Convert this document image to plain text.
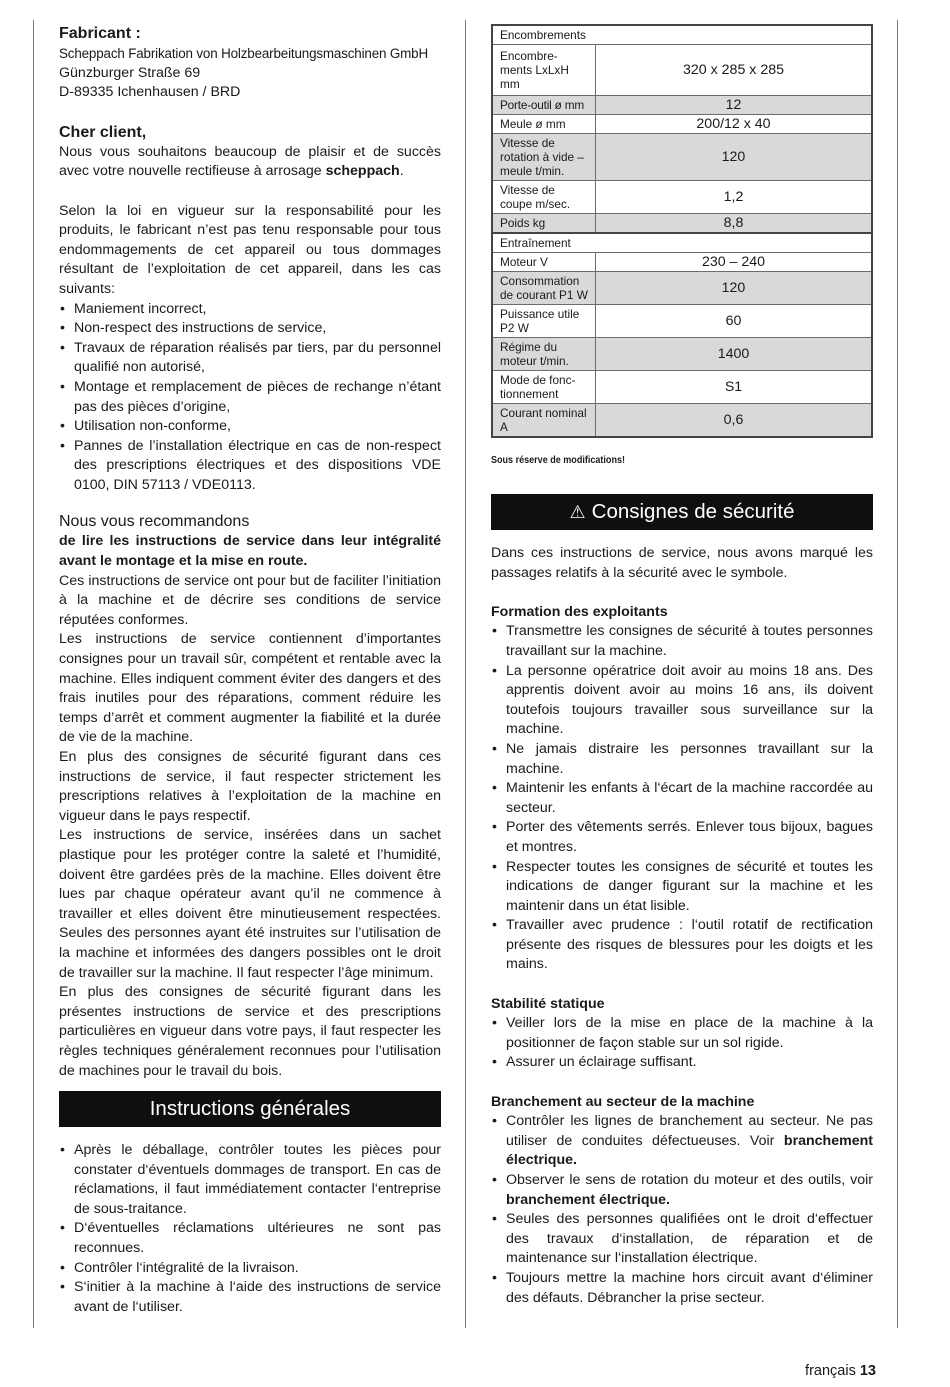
Fabricant :

Scheppach Fabrikation von Holzbearbeitungsmaschinen GmbH

Günzburger Straße 69

D-89335 Ichenhausen / BRD

Cher client,

Nous vous souhaitons beaucoup de plaisir et de succès avec votre nouvelle rectifieuse à arrosage scheppach.

Selon la loi en vigueur sur la responsabilité pour les produits, le fabricant n’est pas tenu responsable pour tous endommagements de cet appareil ou tous dommages résultant de l’exploitation de cet appareil, dans les cas suivants:

• Maniement incorrect,
• Non-respect des instructions de service,
• Travaux de réparation réalisés par tiers, par du personnel qualifié non autorisé,
• Montage et remplacement de pièces de rechange n’étant pas des pièces d’origine,
• Utilisation non-conforme,
• Pannes de l’installation électrique en cas de non-respect des prescriptions électriques et des dispositions VDE 0100, DIN 57113 / VDE0113.
Nous vous recommandons

de lire les instructions de service dans leur intégralité avant le montage et la mise en route.

Ces instructions de service ont pour but de faciliter l’initiation à la machine et de décrire ses conditions de service réputées conformes.

Les instructions de service contiennent d’importantes consignes pour un travail sûr, compétent et rentable avec la machine. Elles indiquent comment éviter des dangers et des frais inutiles pour des réparations, comment réduire les temps d’arrêt et comment augmenter la fiabilité et la durée de vie de la machine.

En plus des consignes de sécurité figurant dans ces instructions de service, il faut respecter strictement les prescriptions relatives à l’exploitation de la machine en vigueur dans le pays respectif.

Les instructions de service, insérées dans un sachet plastique pour les protéger contre la saleté et l’humidité, doivent être gardées près de la machine. Elles doivent être lues par chaque opérateur avant qu’il ne commence à travailler et elles doivent être minutieusement respectées. Seules des personnes ayant été instruites sur l’utilisation de la machine et informées des dangers possibles ont le droit de travailler sur la machine. Il faut respecter l’âge minimum.

En plus des consignes de sécurité figurant dans les présentes instructions de service et des prescriptions particulières en vigueur dans votre pays, il faut respecter les règles techniques généralement reconnues pour l’utilisation de machines pour le travail du bois.

Instructions générales
• Après le déballage, contrôler toutes les pièces pour constater d‘éventuels dommages de transport. En cas de réclamations, il faut immédiatement contacter l‘entreprise de sous-traitance.
• D‘éventuelles réclamations ultérieures ne sont pas reconnues.
• Contrôler l‘intégralité de la livraison.
• S‘initier à la machine à l‘aide des instructions de service avant de l‘utiliser.
Encombrements	
Encombre-ments LxLxH mm	320 x 285 x 285
Porte-outil ø mm	12
Meule ø mm	200/12 x 40
Vitesse de rotation à vide – meule t/min.	120
Vitesse de coupe m/sec.	1,2
Poids kg	8,8
Entraînement	
Moteur V	230 – 240
Consommation de courant P1 W	120
Puissance utile P2 W	60
Régime du moteur t/min.	1400
Mode de fonc-tionnement	S1
Courant nominal A	0,6
Sous réserve de modifications!
⚠ Consignes de sécurité

Dans ces instructions de service, nous avons marqué les passages relatifs à la sécurité avec le symbole.

Formation des exploitants
• Transmettre les consignes de sécurité à toutes personnes travaillant sur la machine.
• La personne opératrice doit avoir au moins 18 ans. Des apprentis doivent avoir au moins 16 ans, ils doivent toutefois toujours travailler sous surveillance sur la machine.
• Ne jamais distraire les personnes travaillant sur la machine.
• Maintenir les enfants à l‘écart de la machine raccordée au secteur.
• Porter des vêtements serrés. Enlever tous bijoux, bagues et montres.
• Respecter toutes les consignes de sécurité et toutes les indications de danger figurant sur la machine et les maintenir dans un état lisible.
• Travailler avec prudence : l‘outil rotatif de rectification présente des risques de blessures pour les doigts et les mains.
Stabilité statique
• Veiller lors de la mise en place de la machine à la positionner de façon stable sur un sol rigide.
• Assurer un éclairage suffisant.
Branchement au secteur de la machine
• Contrôler les lignes de branchement au secteur. Ne pas utiliser de conduites défectueuses. Voir branchement électrique.
• Observer le sens de rotation du moteur et des outils, voir branchement électrique.
• Seules des personnes qualifiées ont le droit d‘effectuer des travaux d‘installation, de réparation et de maintenance sur l‘installation électrique.
• Toujours mettre la machine hors circuit avant d‘éliminer des défauts. Débrancher la prise secteur.
français 13
